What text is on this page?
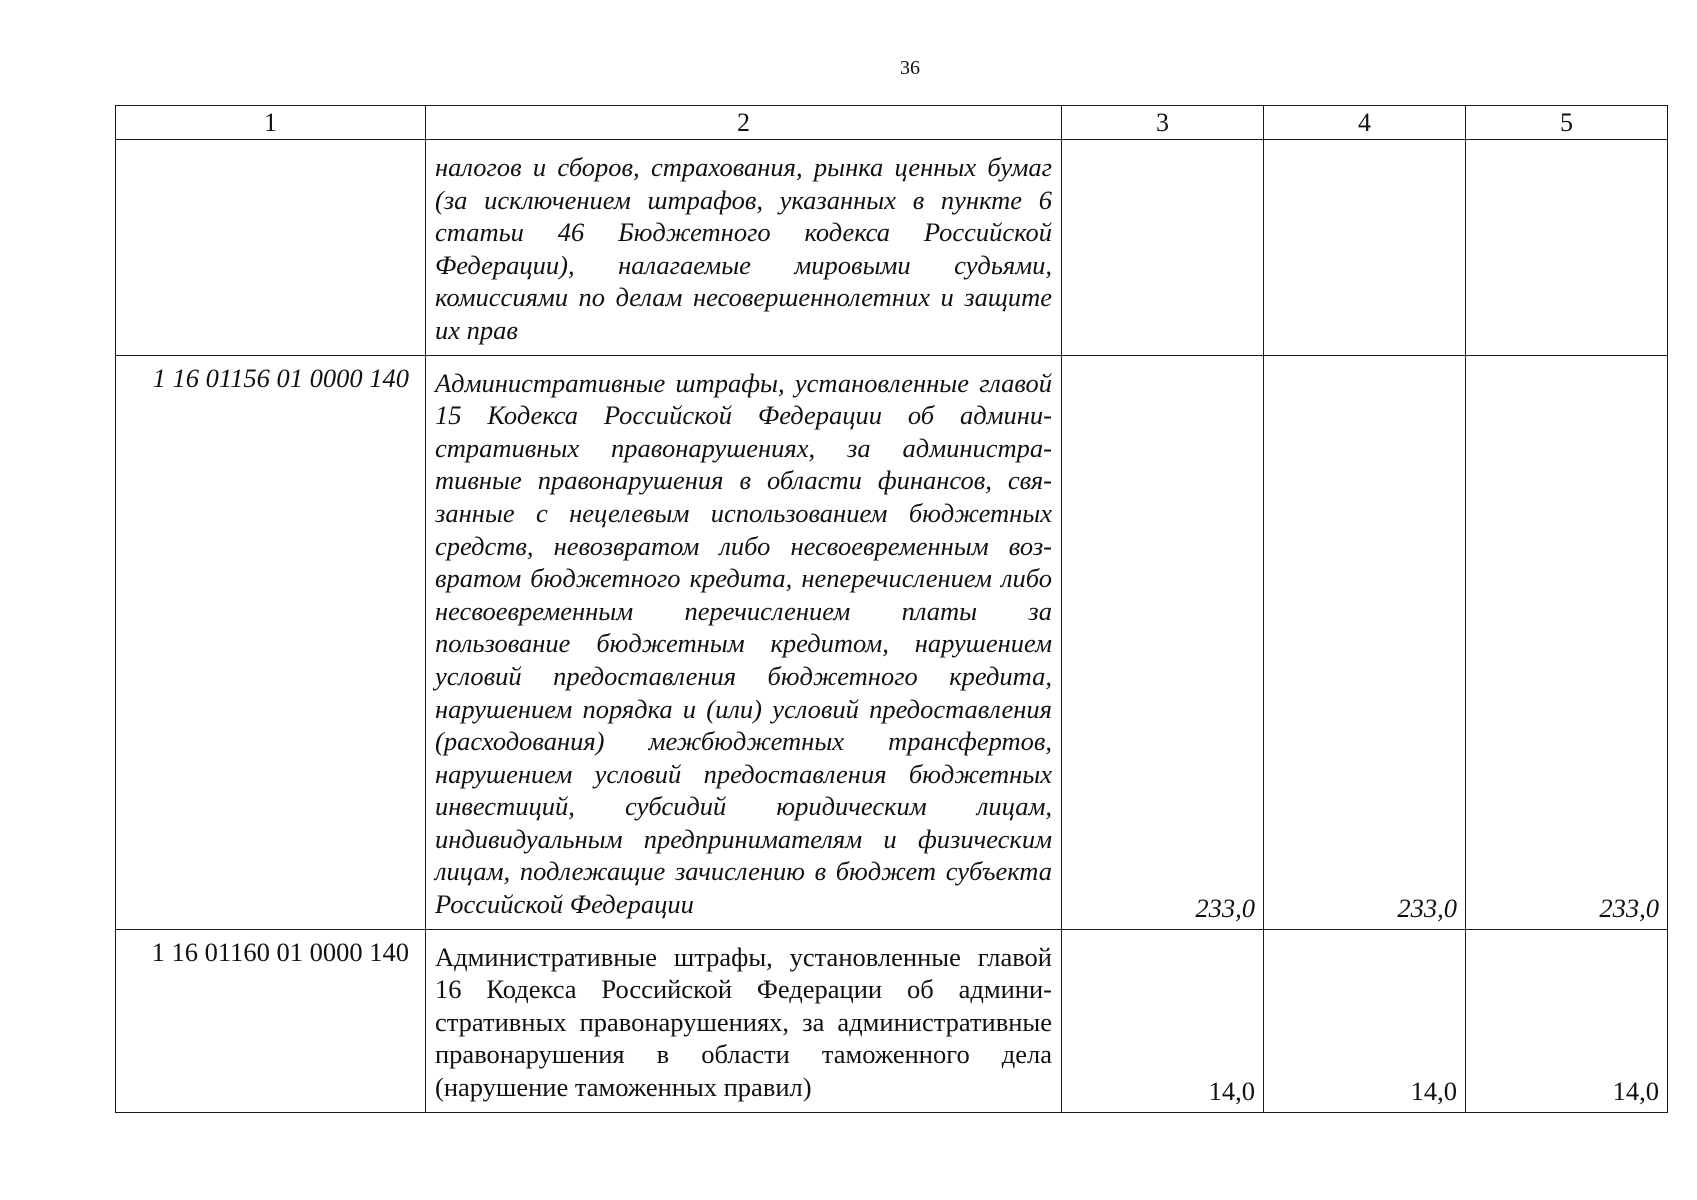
36
1	2	3	4	5
	налогов и сборов, страхования, рынка ценных бумаг (за исключением штрафов, указанных в пункте 6 статьи 46 Бюджетного кодекса Российской Федерации), налагаемые мировыми судьями, комиссиями по делам несовершеннолетних и защите их прав			
1 16 01156 01 0000 140	Административные штрафы, установленные главой 15 Кодекса Российской Федерации об административных правонарушениях, за административные правонарушения в области финансов, связанные с нецелевым использованием бюджетных средств, невозвратом либо несвоевременным возвратом бюджетного кредита, неперечислением либо несвоевременным перечислением платы за пользование бюджетным кредитом, нарушением условий предоставления бюджетного кредита, нарушением порядка и (или) условий предоставления (расходования) межбюджетных трансфертов, нарушением условий предоставления бюджетных инвестиций, субсидий юридическим лицам, индивидуальным предпринимателям и физическим лицам, подлежащие зачислению в бюджет субъекта Российской Федерации	233,0	233,0	233,0
1 16 01160 01 0000 140	Административные штрафы, установленные главой 16 Кодекса Российской Федерации об административных правонарушениях, за административные правонарушения в области таможенного дела (нарушение таможенных правил)	14,0	14,0	14,0
